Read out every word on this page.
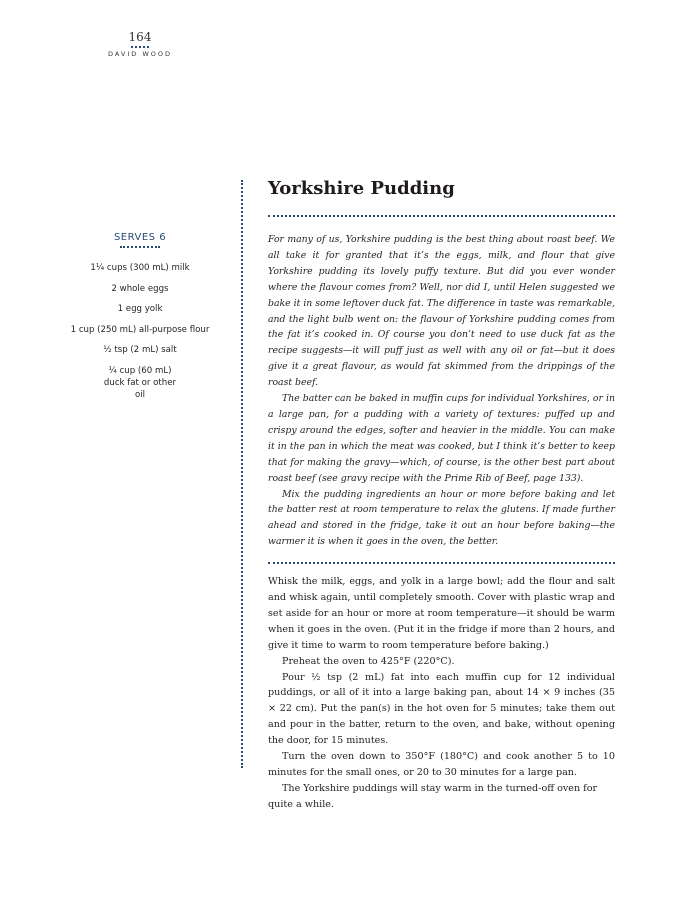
164
DAVID WOOD
SERVES 6
1¼ cups (300 mL) milk
2 whole eggs
1 egg yolk
1 cup (250 mL) all-purpose flour
½ tsp (2 mL) salt
¼ cup (60 mL) duck fat or other oil
Yorkshire Pudding

For many of us, Yorkshire pudding is the best thing about roast beef. We all take it for granted that it’s the eggs, milk, and flour that give Yorkshire pudding its lovely puffy texture. But did you ever wonder where the flavour comes from? Well, nor did I, until Helen suggested we bake it in some leftover duck fat. The difference in taste was remarkable, and the light bulb went on: the flavour of Yorkshire pudding comes from the fat it’s cooked in. Of course you don’t need to use duck fat as the recipe suggests—it will puff just as well with any oil or fat—but it does give it a great flavour, as would fat skimmed from the drippings of the roast beef.

The batter can be baked in muffin cups for individual Yorkshires, or in a large pan, for a pudding with a variety of textures: puffed up and crispy around the edges, softer and heavier in the middle. You can make it in the pan in which the meat was cooked, but I think it’s better to keep that for making the gravy—which, of course, is the other best part about roast beef (see gravy recipe with the Prime Rib of Beef, page 133).

Mix the pudding ingredients an hour or more before baking and let the batter rest at room temperature to relax the glutens. If made further ahead and stored in the fridge, take it out an hour before baking—the warmer it is when it goes in the oven, the better.

Whisk the milk, eggs, and yolk in a large bowl; add the flour and salt and whisk again, until completely smooth. Cover with plastic wrap and set aside for an hour or more at room temperature—it should be warm when it goes in the oven. (Put it in the fridge if more than 2 hours, and give it time to warm to room temperature before baking.)

Preheat the oven to 425°F (220°C).

Pour ½ tsp (2 mL) fat into each muffin cup for 12 individual puddings, or all of it into a large baking pan, about 14 × 9 inches (35 × 22 cm). Put the pan(s) in the hot oven for 5 minutes; take them out and pour in the batter, return to the oven, and bake, without opening the door, for 15 minutes.

Turn the oven down to 350°F (180°C) and cook another 5 to 10 minutes for the small ones, or 20 to 30 minutes for a large pan.

The Yorkshire puddings will stay warm in the turned-off oven for quite a while.
